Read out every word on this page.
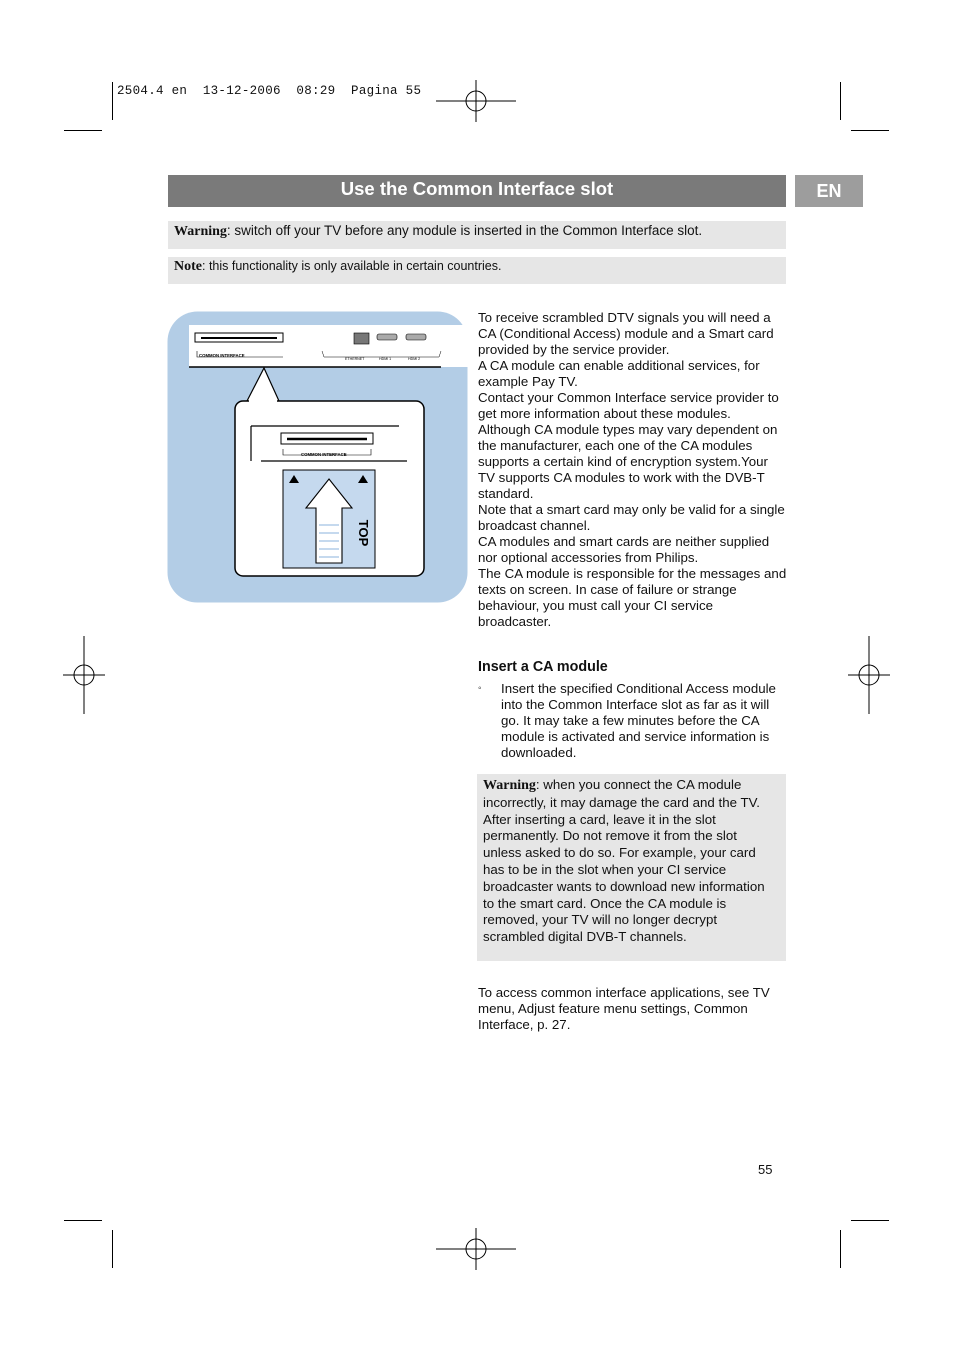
2504.4 en  13-12-2006  08:29  Pagina 55
Use the Common Interface slot	EN
Warning: switch off your TV before any module is inserted in the Common Interface slot.
Note: this functionality is only available in certain countries.
COMMON INTERFACE
ETHERNET	HDMI 1	HDMI 2
COMMON INTERFACE
TOP

To receive scrambled DTV signals you will need a CA (Conditional Access) module and a Smart card provided by the service provider.

A CA module can enable additional services, for example Pay TV.

Contact your Common Interface service provider to get more information about these modules.

Although CA module types may vary dependent on the manufacturer, each one of the CA modules supports a certain kind of encryption system.Your TV supports CA modules to work with the DVB-T standard.

Note that a smart card may only be valid for a single broadcast channel.

CA modules and smart cards are neither supplied nor optional accessories from Philips.

The CA module is responsible for the messages and texts on screen. In case of failure or strange behaviour, you must call your CI service broadcaster.

Insert a CA module
◦ Insert the specified Conditional Access module into the Common Interface slot as far as it will go. It may take a few minutes before the CA module is activated and service information is downloaded.
Warning: when you connect the CA module incorrectly, it may damage the card and the TV. After inserting a card, leave it in the slot permanently. Do not remove it from the slot unless asked to do so. For example, your card has to be in the slot when your CI service broadcaster wants to download new information to the smart card. Once the CA module is removed, your TV will no longer decrypt scrambled digital DVB-T channels.
To access common interface applications, see TV menu, Adjust feature menu settings, Common Interface, p. 27.
55
